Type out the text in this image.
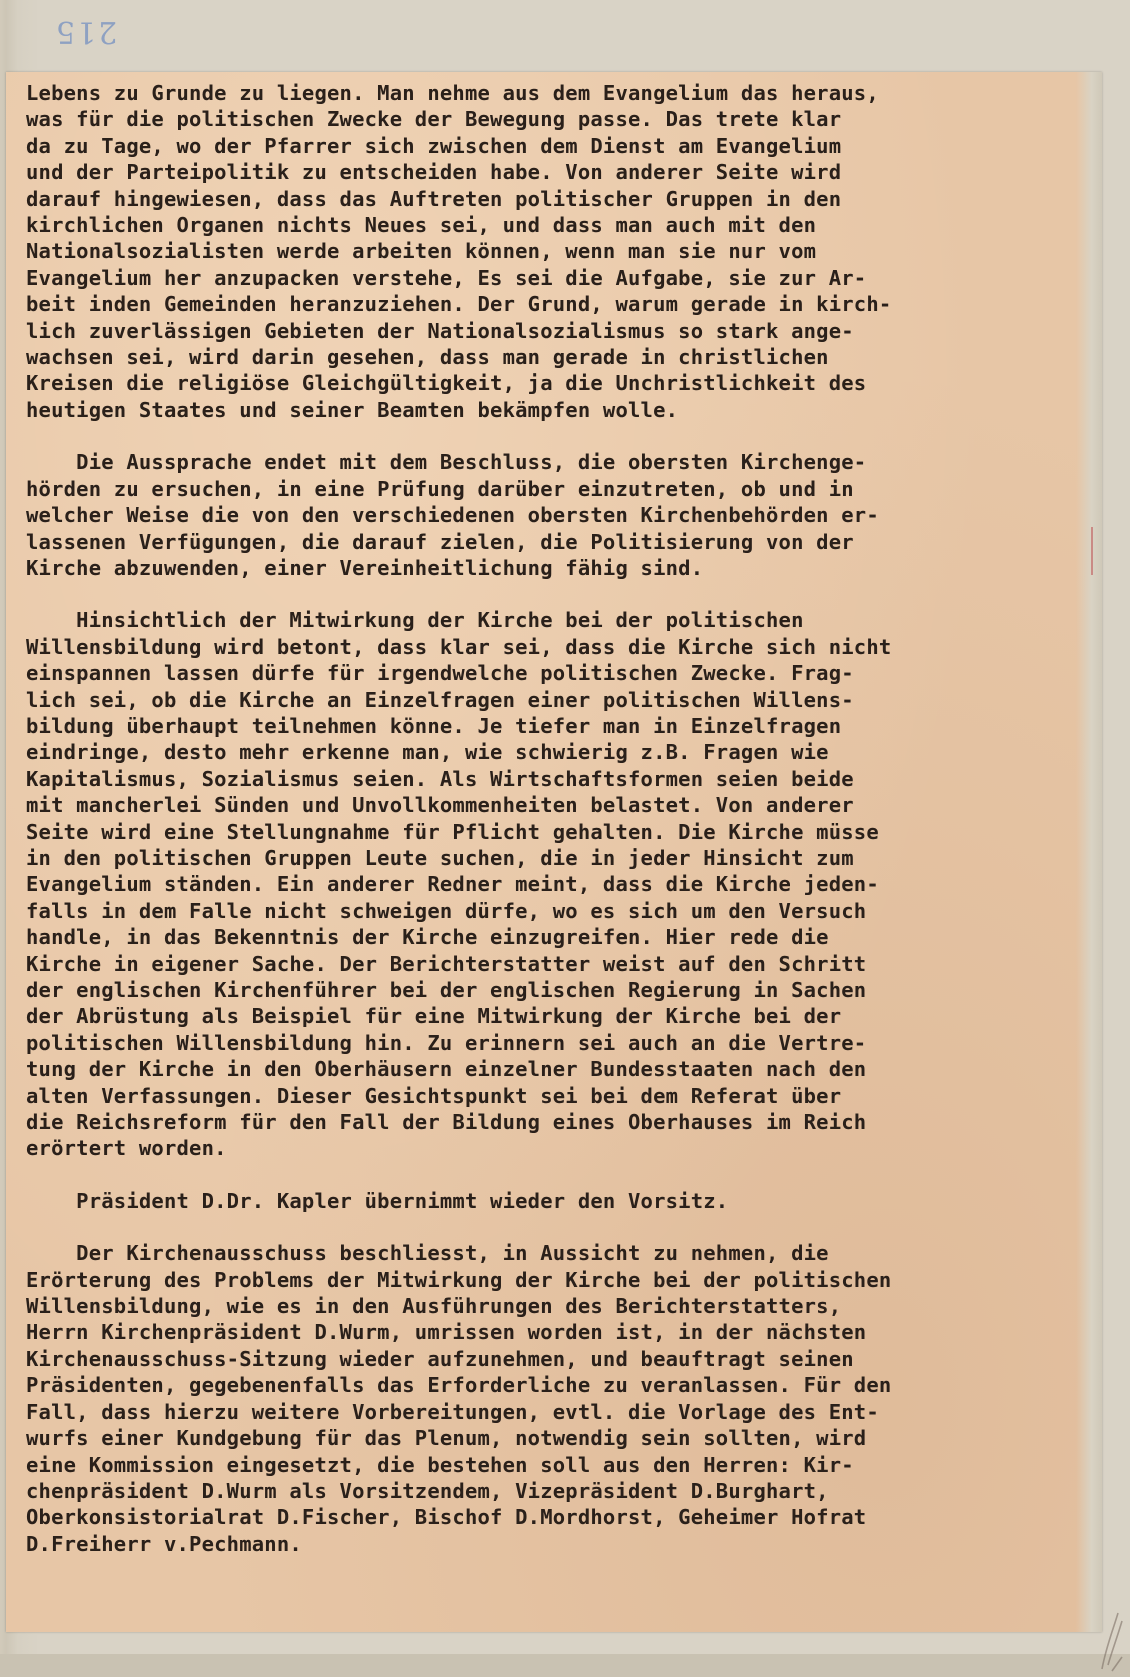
215

Lebens zu Grunde zu liegen. Man nehme aus dem Evangelium das heraus,
was für die politischen Zwecke der Bewegung passe. Das trete klar
da zu Tage, wo der Pfarrer sich zwischen dem Dienst am Evangelium
und der Parteipolitik zu entscheiden habe. Von anderer Seite wird
darauf hingewiesen, dass das Auftreten politischer Gruppen in den
kirchlichen Organen nichts Neues sei, und dass man auch mit den
Nationalsozialisten werde arbeiten können, wenn man sie nur vom
Evangelium her anzupacken verstehe, Es sei die Aufgabe, sie zur Ar-
beit inden Gemeinden heranzuziehen. Der Grund, warum gerade in kirch-
lich zuverlässigen Gebieten der Nationalsozialismus so stark ange-
wachsen sei, wird darin gesehen, dass man gerade in christlichen
Kreisen die religiöse Gleichgültigkeit, ja die Unchristlichkeit des
heutigen Staates und seiner Beamten bekämpfen wolle.

Die Aussprache endet mit dem Beschluss, die obersten Kirchenge-
hörden zu ersuchen, in eine Prüfung darüber einzutreten, ob und in
welcher Weise die von den verschiedenen obersten Kirchenbehörden er-
lassenen Verfügungen, die darauf zielen, die Politisierung von der
Kirche abzuwenden, einer Vereinheitlichung fähig sind.

Hinsichtlich der Mitwirkung der Kirche bei der politischen
Willensbildung wird betont, dass klar sei, dass die Kirche sich nicht
einspannen lassen dürfe für irgendwelche politischen Zwecke. Frag-
lich sei, ob die Kirche an Einzelfragen einer politischen Willens-
bildung überhaupt teilnehmen könne. Je tiefer man in Einzelfragen
eindringe, desto mehr erkenne man, wie schwierig z.B. Fragen wie
Kapitalismus, Sozialismus seien. Als Wirtschaftsformen seien beide
mit mancherlei Sünden und Unvollkommenheiten belastet. Von anderer
Seite wird eine Stellungnahme für Pflicht gehalten. Die Kirche müsse
in den politischen Gruppen Leute suchen, die in jeder Hinsicht zum
Evangelium ständen. Ein anderer Redner meint, dass die Kirche jeden-
falls in dem Falle nicht schweigen dürfe, wo es sich um den Versuch
handle, in das Bekenntnis der Kirche einzugreifen. Hier rede die
Kirche in eigener Sache. Der Berichterstatter weist auf den Schritt
der englischen Kirchenführer bei der englischen Regierung in Sachen
der Abrüstung als Beispiel für eine Mitwirkung der Kirche bei der
politischen Willensbildung hin. Zu erinnern sei auch an die Vertre-
tung der Kirche in den Oberhäusern einzelner Bundesstaaten nach den
alten Verfassungen. Dieser Gesichtspunkt sei bei dem Referat über
die Reichsreform für den Fall der Bildung eines Oberhauses im Reich
erörtert worden.

Präsident D.Dr. Kapler übernimmt wieder den Vorsitz.

Der Kirchenausschuss beschliesst, in Aussicht zu nehmen, die
Erörterung des Problems der Mitwirkung der Kirche bei der politischen
Willensbildung, wie es in den Ausführungen des Berichterstatters,
Herrn Kirchenpräsident D.Wurm, umrissen worden ist, in der nächsten
Kirchenausschuss-Sitzung wieder aufzunehmen, und beauftragt seinen
Präsidenten, gegebenenfalls das Erforderliche zu veranlassen. Für den
Fall, dass hierzu weitere Vorbereitungen, evtl. die Vorlage des Ent-
wurfs einer Kundgebung für das Plenum, notwendig sein sollten, wird
eine Kommission eingesetzt, die bestehen soll aus den Herren: Kir-
chenpräsident D.Wurm als Vorsitzendem, Vizepräsident D.Burghart,
Oberkonsistorialrat D.Fischer, Bischof D.Mordhorst, Geheimer Hofrat
D.Freiherr v.Pechmann.
